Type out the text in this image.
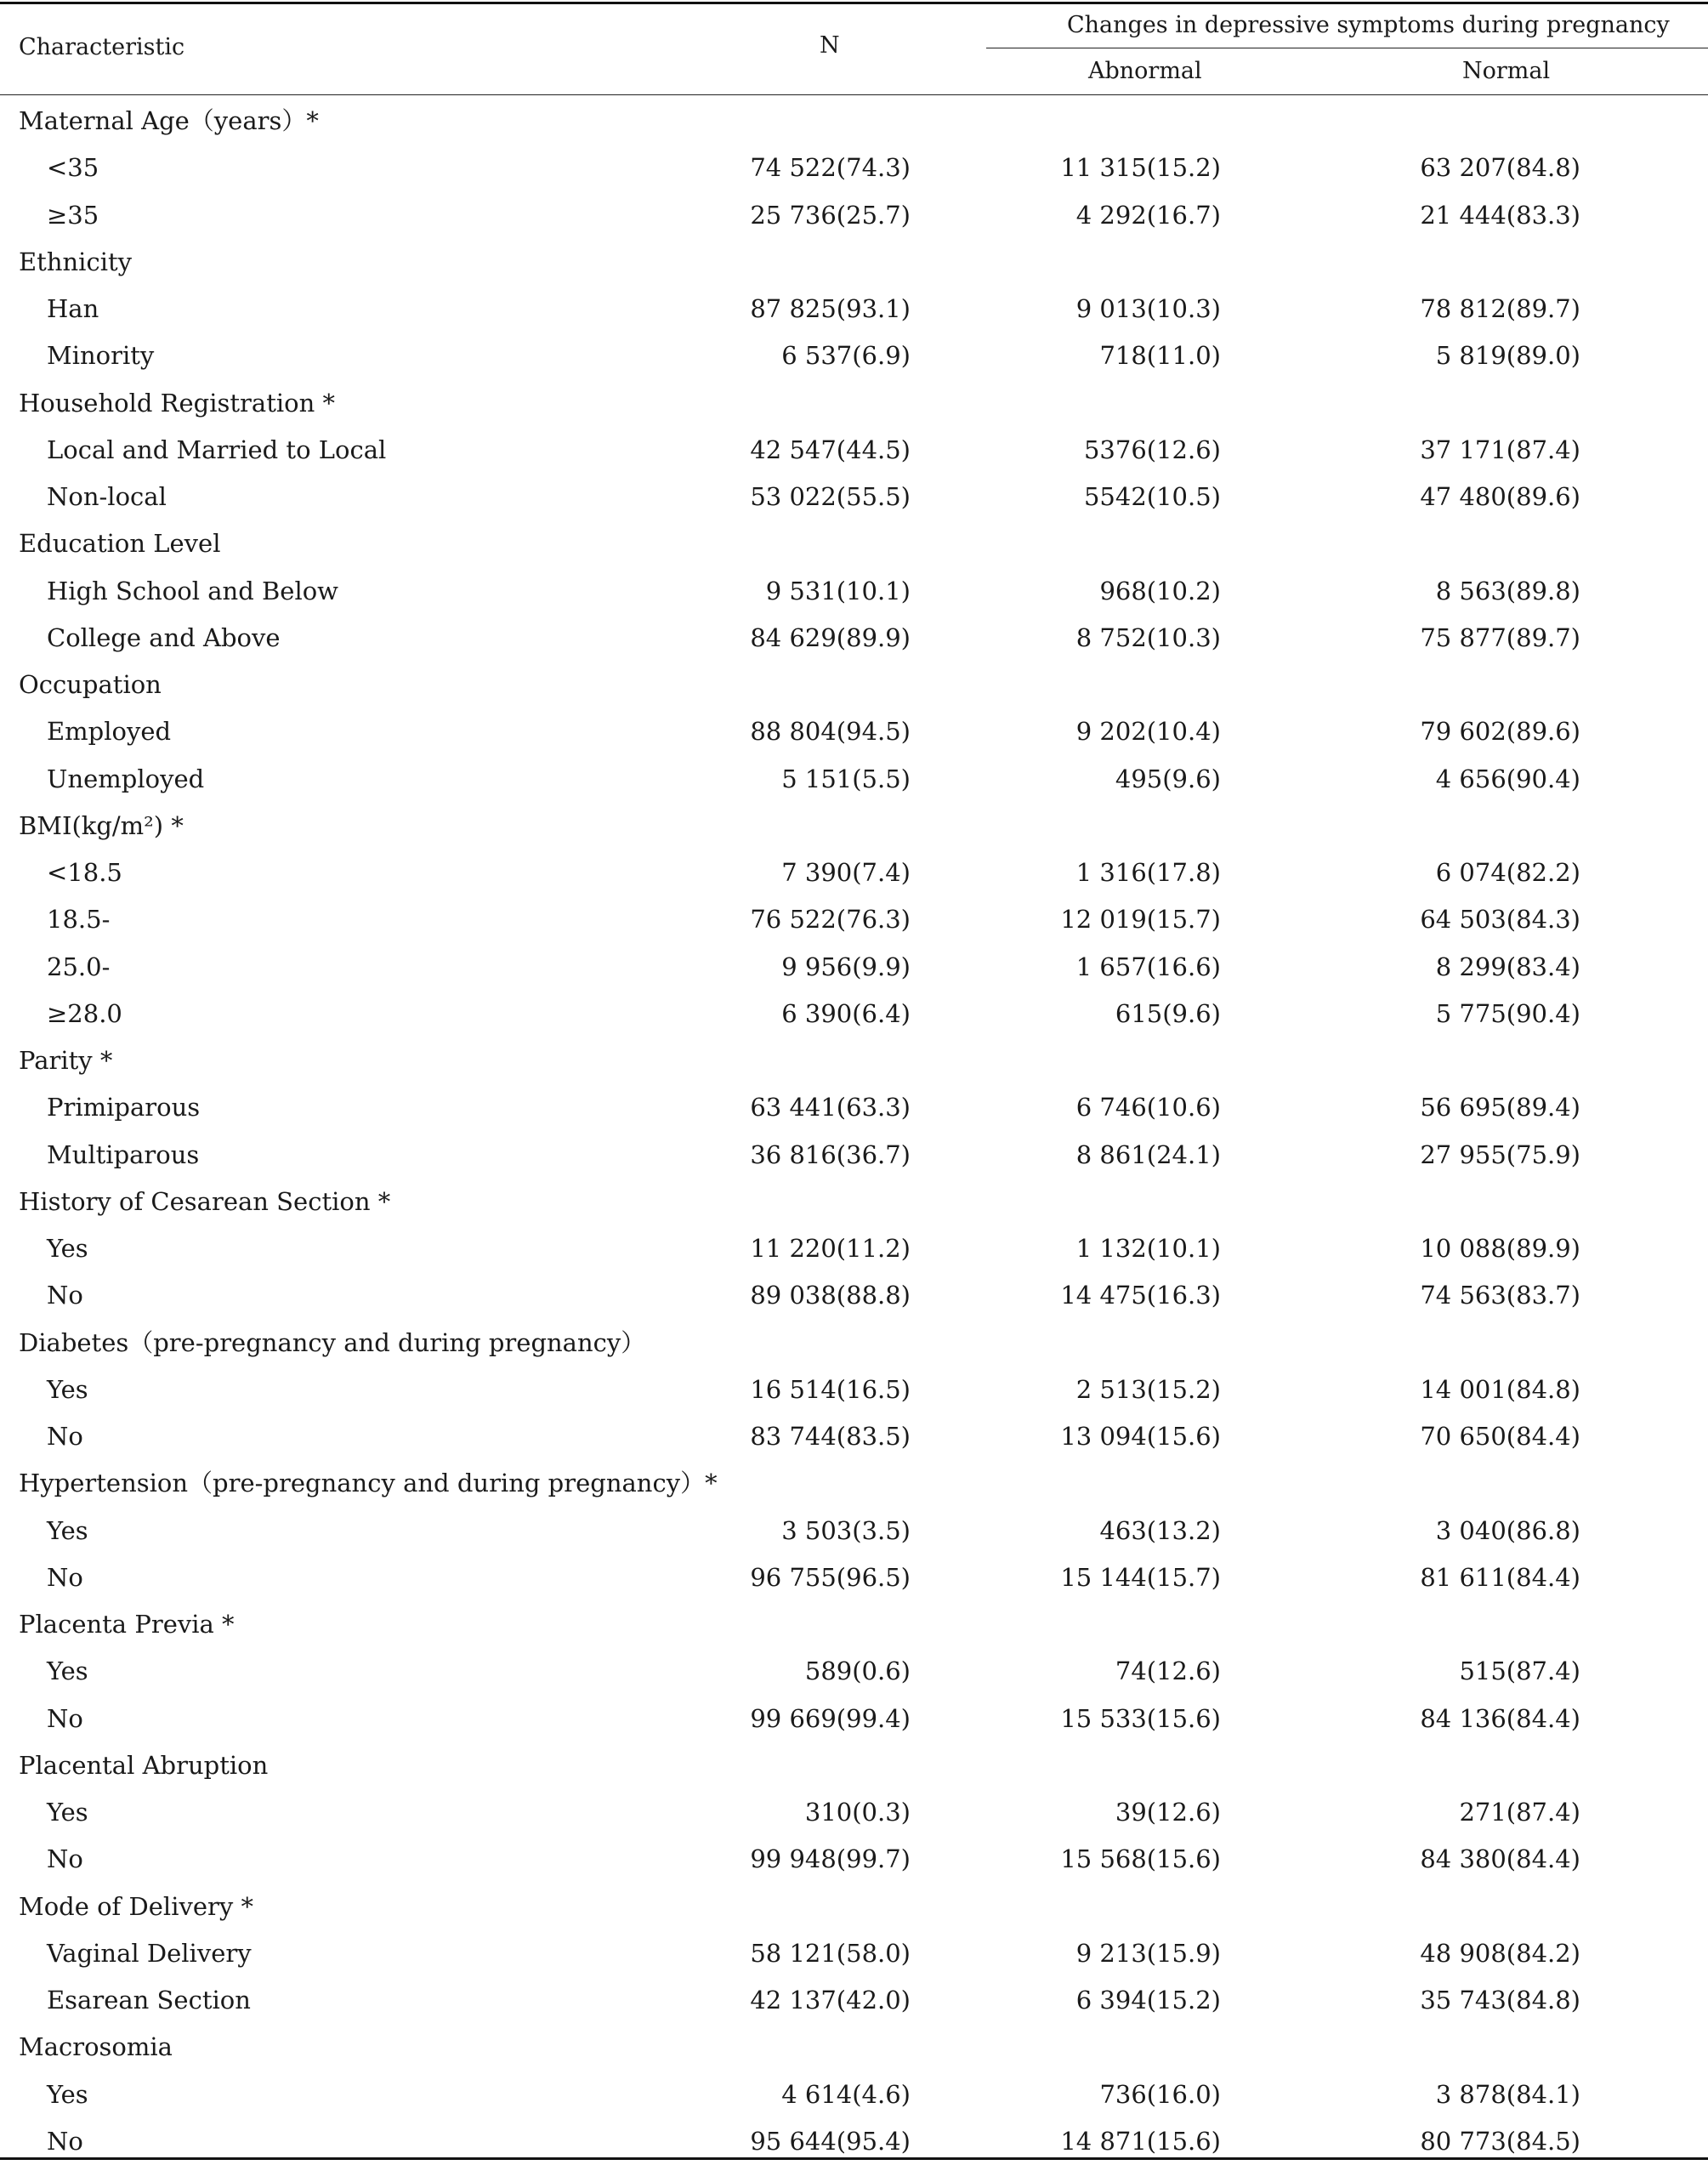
Characteristic	N
Changes in depressive symptoms during pregnancy
Abnormal	Normal
Maternal Age（years）*
<35	74 522(74.3)	11 315(15.2)	63 207(84.8)
≥35	25 736(25.7)	4 292(16.7)	21 444(83.3)
Ethnicity
Han	87 825(93.1)	9 013(10.3)	78 812(89.7)
Minority	6 537(6.9)	718(11.0)	5 819(89.0)
Household Registration *
Local and Married to Local	42 547(44.5)	5376(12.6)	37 171(87.4)
Non-local	53 022(55.5)	5542(10.5)	47 480(89.6)
Education Level
High School and Below	9 531(10.1)	968(10.2)	8 563(89.8)
College and Above	84 629(89.9)	8 752(10.3)	75 877(89.7)
Occupation
Employed	88 804(94.5)	9 202(10.4)	79 602(89.6)
Unemployed	5 151(5.5)	495(9.6)	4 656(90.4)
BMI(kg/m²) *
<18.5	7 390(7.4)	1 316(17.8)	6 074(82.2)
18.5-	76 522(76.3)	12 019(15.7)	64 503(84.3)
25.0-	9 956(9.9)	1 657(16.6)	8 299(83.4)
≥28.0	6 390(6.4)	615(9.6)	5 775(90.4)
Parity *
Primiparous	63 441(63.3)	6 746(10.6)	56 695(89.4)
Multiparous	36 816(36.7)	8 861(24.1)	27 955(75.9)
History of Cesarean Section *
Yes	11 220(11.2)	1 132(10.1)	10 088(89.9)
No	89 038(88.8)	14 475(16.3)	74 563(83.7)
Diabetes（pre-pregnancy and during pregnancy）
Yes	16 514(16.5)	2 513(15.2)	14 001(84.8)
No	83 744(83.5)	13 094(15.6)	70 650(84.4)
Hypertension（pre-pregnancy and during pregnancy）*
Yes	3 503(3.5)	463(13.2)	3 040(86.8)
No	96 755(96.5)	15 144(15.7)	81 611(84.4)
Placenta Previa *
Yes	589(0.6)	74(12.6)	515(87.4)
No	99 669(99.4)	15 533(15.6)	84 136(84.4)
Placental Abruption
Yes	310(0.3)	39(12.6)	271(87.4)
No	99 948(99.7)	15 568(15.6)	84 380(84.4)
Mode of Delivery *
Vaginal Delivery	58 121(58.0)	9 213(15.9)	48 908(84.2)
Esarean Section	42 137(42.0)	6 394(15.2)	35 743(84.8)
Macrosomia
Yes	4 614(4.6)	736(16.0)	3 878(84.1)
No	95 644(95.4)	14 871(15.6)	80 773(84.5)
